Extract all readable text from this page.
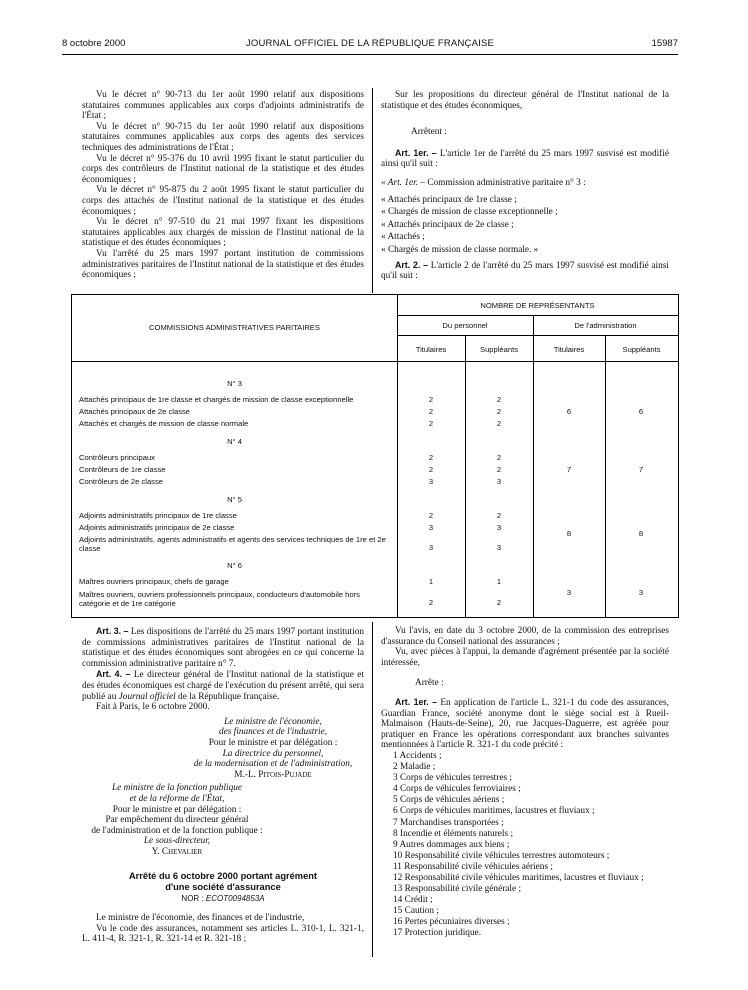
8 octobre 2000	JOURNAL OFFICIEL DE LA RÉPUBLIQUE FRANÇAISE	15987

Vu le décret n° 90-713 du 1er août 1990 relatif aux dispositions statutaires communes applicables aux corps d'adjoints administratifs de l'État ;

Vu le décret n° 90-715 du 1er août 1990 relatif aux dispositions statutaires communes applicables aux corps des agents des services techniques des administrations de l'État ;

Vu le décret n° 95-376 du 10 avril 1995 fixant le statut particulier du corps des contrôleurs de l'Institut national de la statistique et des études économiques ;

Vu le décret n° 95-875 du 2 août 1995 fixant le statut particulier du corps des attachés de l'Institut national de la statistique et des études économiques ;

Vu le décret n° 97-510 du 21 mai 1997 fixant les dispositions statutaires applicables aux chargés de mission de l'Institut national de la statistique et des études économiques ;

Vu l'arrêté du 25 mars 1997 portant institution de commissions administratives paritaires de l'Institut national de la statistique et des études économiques ;

Sur les propositions du directeur général de l'Institut national de la statistique et des études économiques,

Arrêtent :

Art. 1er. – L'article 1er de l'arrêté du 25 mars 1997 susvisé est modifié ainsi qu'il suit :

« Art. 1er. – Commission administrative paritaire n° 3 :

« Attachés principaux de 1re classe ;
« Chargés de mission de classe exceptionnelle ;
« Attachés principaux de 2e classe ;
« Attachés ;
« Chargés de mission de classe normale. »

Art. 2. – L'article 2 de l'arrêté du 25 mars 1997 susvisé est modifié ainsi qu'il suit :

COMMISSIONS ADMINISTRATIVES PARITAIRES
NOMBRE DE REPRÉSENTANTS
Du personnel	De l'administration
Titulaires	Suppléants	Titulaires	Suppléants
N° 3
Attachés principaux de 1re classe et chargés de mission de classe exceptionnelle	2	2
Attachés principaux de 2e classe	2	2
Attachés et chargés de mission de classe normale	2	2
6	6
N° 4
Contrôleurs principaux	2	2
Contrôleurs de 1re classe	2	2
Contrôleurs de 2e classe	3	3
7	7
N° 5
Adjoints administratifs principaux de 1re classe	2	2
Adjoints administratifs principaux de 2e classe	3	3
Adjoints administratifs, agents administratifs et agents des services techniques de 1re et 2e classe	3	3
8	8
N° 6
Maîtres ouvriers principaux, chefs de garage	1	1
Maîtres ouvriers, ouvriers professionnels principaux, conducteurs d'automobile hors catégorie et de 1re catégorie	2	2
3	3

Art. 3. – Les dispositions de l'arrêté du 25 mars 1997 portant institution de commissions administratives paritaires de l'Institut national de la statistique et des études économiques sont abrogées en ce qui concerne la commission administrative paritaire n° 7.

Art. 4. – Le directeur général de l'Institut national de la statistique et des études économiques est chargé de l'exécution du présent arrêté, qui sera publié au Journal officiel de la République française.

Fait à Paris, le 6 octobre 2000.

Le ministre de l'économie,
des finances et de l'industrie,
Pour le ministre et par délégation :
La directrice du personnel,
de la modernisation et de l'administration,
M.-L. Pitois-Pujade
Le ministre de la fonction publique
et de la réforme de l'État,
Pour le ministre et par délégation :
Par empêchement du directeur général
de l'administration et de la fonction publique :
Le sous-directeur,
Y. Chevalier
Arrêté du 6 octobre 2000 portant agrément
d'une société d'assurance
NOR : ECOT0094853A

Le ministre de l'économie, des finances et de l'industrie,

Vu le code des assurances, notamment ses articles L. 310-1, L. 321-1, L. 411-4, R. 321-1, R. 321-14 et R. 321-18 ;

Vu l'avis, en date du 3 octobre 2000, de la commission des entreprises d'assurance du Conseil national des assurances ;

Vu, avec pièces à l'appui, la demande d'agrément présentée par la société intéressée,

Arrête :

Art. 1er. – En application de l'article L. 321-1 du code des assurances, Guardian France, société anonyme dont le siège social est à Rueil-Malmaison (Hauts-de-Seine), 20, rue Jacques-Daguerre, est agréée pour pratiquer en France les opérations correspondant aux branches suivantes mentionnées à l'article R. 321-1 du code précité :

1 Accidents ;
2 Maladie ;
3 Corps de véhicules terrestres ;
4 Corps de véhicules ferroviaires ;
5 Corps de véhicules aériens ;
6 Corps de véhicules maritimes, lacustres et fluviaux ;
7 Marchandises transportées ;
8 Incendie et éléments naturels ;
9 Autres dommages aux biens ;
10 Responsabilité civile véhicules terrestres automoteurs ;
11 Responsabilité civile véhicules aériens ;
12 Responsabilité civile véhicules maritimes, lacustres et fluviaux ;
13 Responsabilité civile générale ;
14 Crédit ;
15 Caution ;
16 Pertes pécuniaires diverses ;
17 Protection juridique.
